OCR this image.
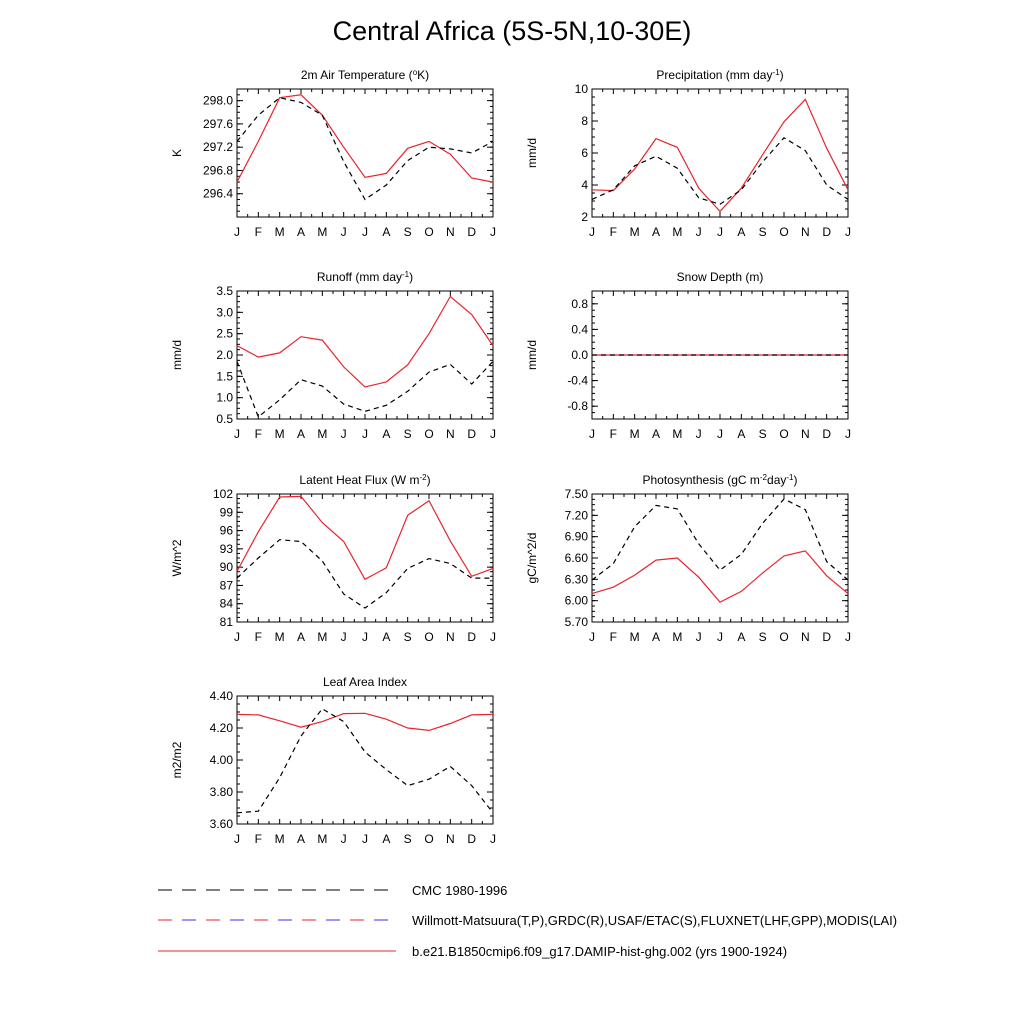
Central Africa (5S-5N,10-30E)
J F M A M J J A S O N D J
296.4
296.8
297.2
297.6
298.0
2m Air Temperature ($^o$K)
K
J F M A M J J A S O N D J
2
4
6
8
10
Precipitation (mm day$^{-1}$)
mm/d
J F M A M J J A S O N D J
0.5
1.0
1.5
2.0
2.5
3.0
3.5
Runoff (mm day$^{-1}$)
mm/d
J F M A M J J A S O N D J
-0.8
-0.4
0.0
0.4
0.8
Snow Depth (m)
mm/d
J F M A M J J A S O N D J
81
84
87
90
93
96
99
102
Latent Heat Flux (W $m^{-2}$)
W/m^2
J F M A M J J A S O N D J
5.70
6.00
6.30
6.60
6.90
7.20
7.50
Photosynthesis (gC $m^{-2}day^{-1}$)
gC/m^2/d
J F M A M J J A S O N D J
3.60
3.80
4.00
4.20
4.40
Leaf Area Index
m2/m2
CMC 1980-1996
Willmott-Matsuura(T,P),GRDC(R),USAF/ETAC(S),FLUXNET(LHF,GPP),MODIS(LAI)
b.e21.B1850cmip6.f09_g17.DAMIP-hist-ghg.002 (yrs 1900-1924)
